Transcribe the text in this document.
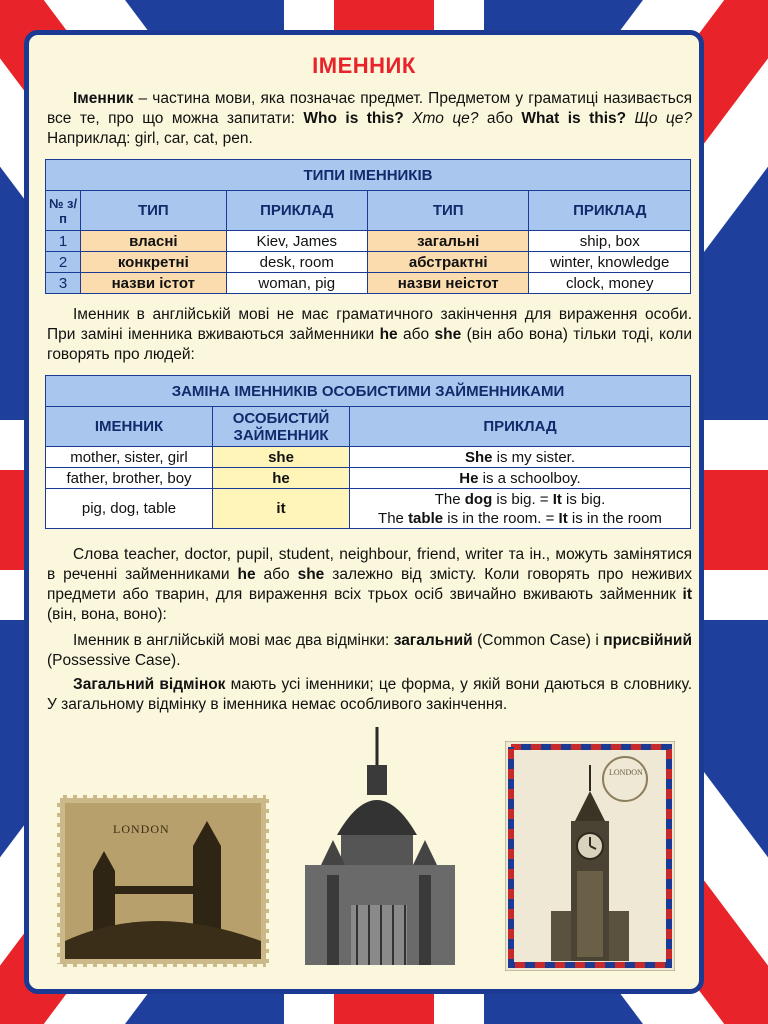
ІМЕННИК
Іменник – частина мови, яка позначає предмет. Предметом у граматиці називається все те, про що можна запитати: Who is this? Хто це? або What is this? Що це? Наприклад: girl, car, cat, pen.
ТИПИ ІМЕННИКІВ				
№ з/п	ТИП	ПРИКЛАД	ТИП	ПРИКЛАД
1	власні	Kiev, James	загальні	ship, box
2	конкретні	desk, room	абстрактні	winter, knowledge
3	назви істот	woman, pig	назви неістот	clock, money
Іменник в англійській мові не має граматичного закінчення для вираження особи. При заміні іменника вживаються займенники he або she (він або вона) тільки тоді, коли говорять про людей:
ЗАМІНА ІМЕННИКІВ ОСОБИСТИМИ ЗАЙМЕННИКАМИ		
ІМЕННИК	ОСОБИСТИЙ ЗАЙМЕННИК	ПРИКЛАД
mother, sister, girl	she	She is my sister.
father, brother, boy	he	He is a schoolboy.
pig, dog, table	it	The dog is big. = It is big.
The table is in the room. = It is in the room
Слова teacher, doctor, pupil, student, neighbour, friend, writer та ін., можуть замінятися в реченні займенниками he або she залежно від змісту. Коли говорять про неживих предмети або тварин, для вираження всіх трьох осіб звичайно вживають займенник it (він, вона, воно):
Іменник в англійській мові має два відмінки: загальний (Common Case) і присвійний (Possessive Case).
Загальний відмінок мають усі іменники; це форма, у якій вони даються в словнику. У загальному відмінку в іменника немає особливого закінчення.
LONDON
LONDON
